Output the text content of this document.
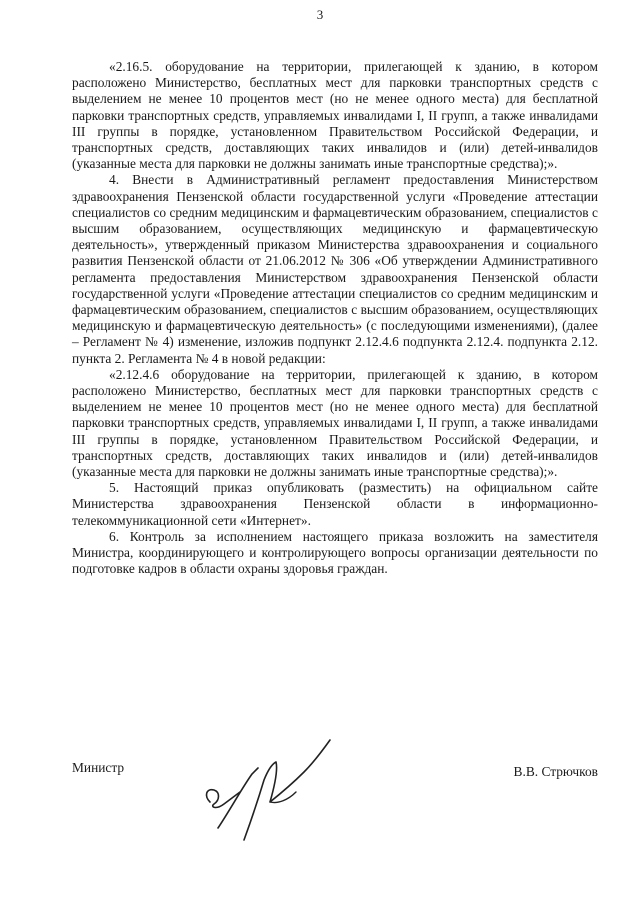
3

«2.16.5. оборудование на территории, прилегающей к зданию, в котором расположено Министерство, бесплатных мест для парковки транспортных средств с выделением не менее 10 процентов мест (но не менее одного места) для бесплатной парковки транспортных средств, управляемых инвалидами I, II групп, а также инвалидами III группы в порядке, установленном Правительством Российской Федерации, и транспортных средств, доставляющих таких инвалидов и (или) детей-инвалидов (указанные места для парковки не должны занимать иные транспортные средства);».

4. Внести в Административный регламент предоставления Министерством здравоохранения Пензенской области государственной услуги «Проведение аттестации специалистов со средним медицинским и фармацевтическим образованием, специалистов с высшим образованием, осуществляющих медицинскую и фармацевтическую деятельность», утвержденный приказом Министерства здравоохранения и социального развития Пензенской области от 21.06.2012 № 306 «Об утверждении Административного регламента предоставления Министерством здравоохранения Пензенской области государственной услуги «Проведение аттестации специалистов со средним медицинским и фармацевтическим образованием, специалистов с высшим образованием, осуществляющих медицинскую и фармацевтическую деятельность» (с последующими изменениями), (далее – Регламент № 4) изменение, изложив подпункт 2.12.4.6 подпункта 2.12.4. подпункта 2.12. пункта 2. Регламента № 4 в новой редакции:

«2.12.4.6 оборудование на территории, прилегающей к зданию, в котором расположено Министерство, бесплатных мест для парковки транспортных средств с выделением не менее 10 процентов мест (но не менее одного места) для бесплатной парковки транспортных средств, управляемых инвалидами I, II групп, а также инвалидами III группы в порядке, установленном Правительством Российской Федерации, и транспортных средств, доставляющих таких инвалидов и (или) детей-инвалидов (указанные места для парковки не должны занимать иные транспортные средства);».

5. Настоящий приказ опубликовать (разместить) на официальном сайте Министерства здравоохранения Пензенской области в информационно-телекоммуникационной сети «Интернет».

6. Контроль за исполнением настоящего приказа возложить на заместителя Министра, координирующего и контролирующего вопросы организации деятельности по подготовке кадров в области охраны здоровья граждан.

Министр	В.В. Стрючков
